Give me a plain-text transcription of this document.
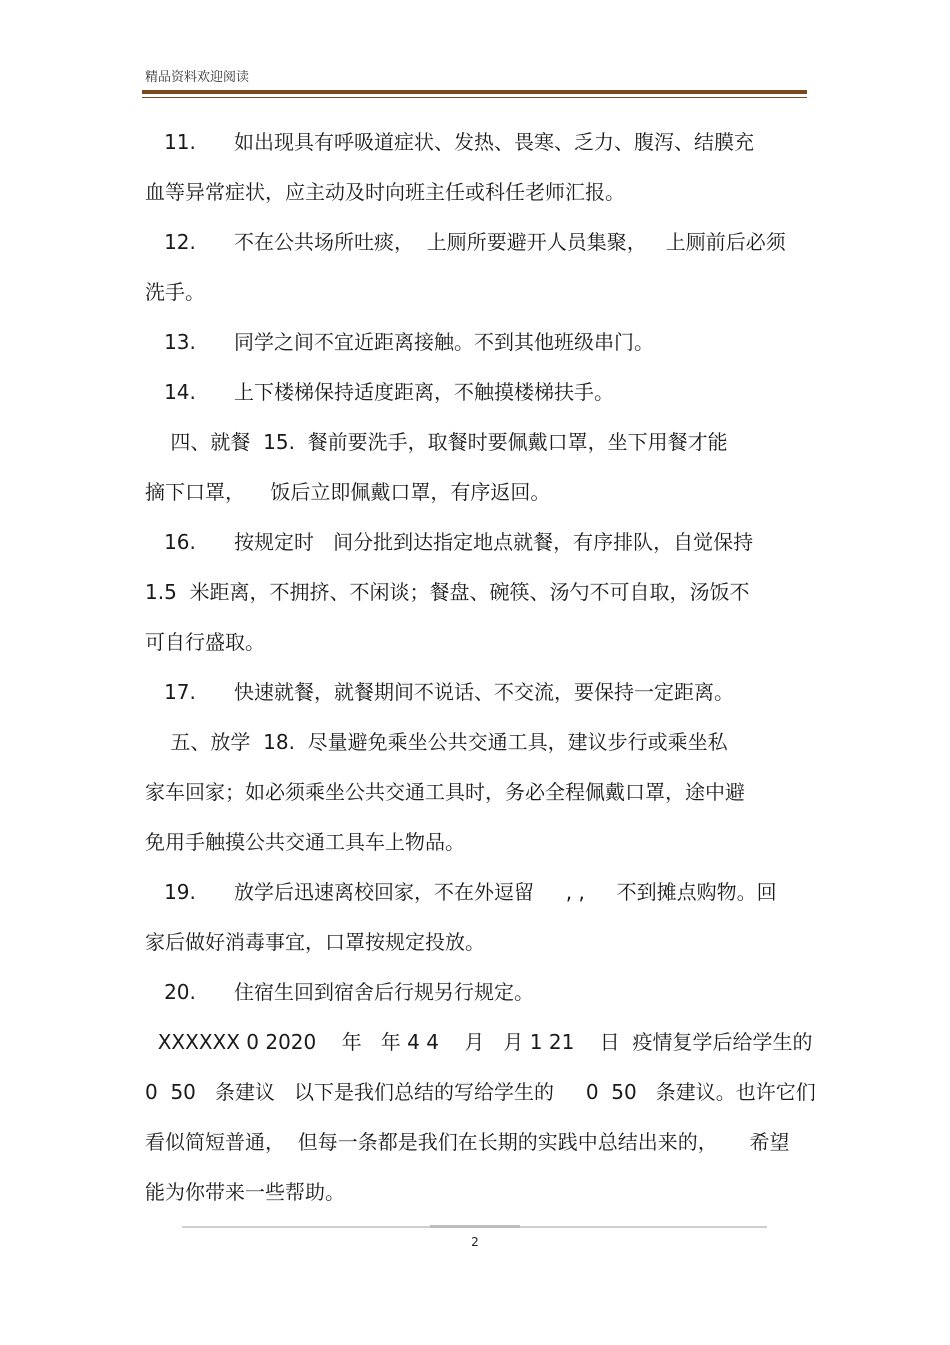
精品资料欢迎阅读
11.      如出现具有呼吸道症状、发热、畏寒、乏力、腹泻、结膜充
血等异常症状，应主动及时向班主任或科任老师汇报。
12.      不在公共场所吐痰，  上厕所要避开人员集聚，   上厕前后必须
洗手。
13.      同学之间不宜近距离接触。不到其他班级串门。
14.      上下楼梯保持适度距离，不触摸楼梯扶手。
四、就餐  15.  餐前要洗手，取餐时要佩戴口罩，坐下用餐才能
摘下口罩，    饭后立即佩戴口罩，有序返回。
16.      按规定时   间分批到达指定地点就餐，有序排队，自觉保持
1.5  米距离，不拥挤、不闲谈；餐盘、碗筷、汤勺不可自取，汤饭不
可自行盛取。
17.      快速就餐，就餐期间不说话、不交流，要保持一定距离。
五、放学  18.  尽量避免乘坐公共交通工具，建议步行或乘坐私
家车回家；如必须乘坐公共交通工具时，务必全程佩戴口罩，途中避
免用手触摸公共交通工具车上物品。
19.      放学后迅速离校回家，不在外逗留     , ,     不到摊点购物。回
家后做好消毒事宜，口罩按规定投放。
20.      住宿生回到宿舍后行规另行规定。
XXXXXX 0 2020    年   年 4 4    月   月 1 21    日  疫情复学后给学生的
0  50   条建议   以下是我们总结的写给学生的     0  50   条建议。也许它们
看似简短普通，  但每一条都是我们在长期的实践中总结出来的，     希望
能为你带来一些帮助。
2
